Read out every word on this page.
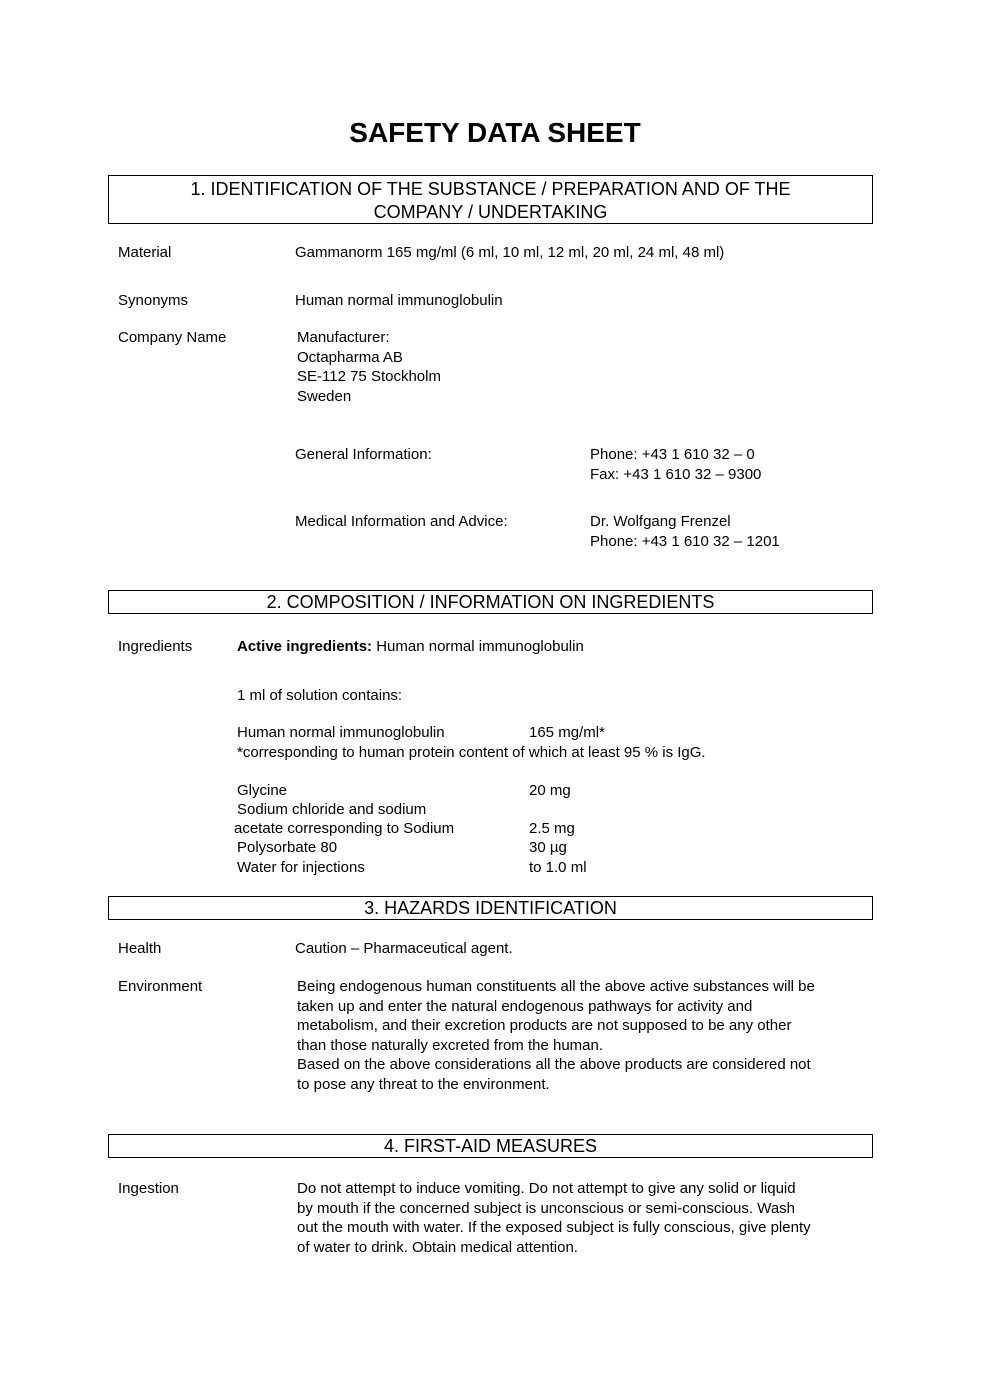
SAFETY DATA SHEET
1. IDENTIFICATION OF THE SUBSTANCE / PREPARATION AND OF THE
COMPANY / UNDERTAKING
Material	Gammanorm 165 mg/ml (6 ml, 10 ml, 12 ml, 20 ml, 24 ml, 48 ml)
Synonyms	Human normal immunoglobulin
Company Name	Manufacturer:
Octapharma AB
SE-112 75 Stockholm
Sweden
General Information:	Phone: +43 1 610 32 – 0
Fax: +43 1 610 32 – 9300
Medical Information and Advice:	Dr. Wolfgang Frenzel
Phone: +43 1 610 32 – 1201
2. COMPOSITION / INFORMATION ON INGREDIENTS
Ingredients	Active ingredients: Human normal immunoglobulin
1 ml of solution contains:
Human normal immunoglobulin	165 mg/ml*
*corresponding to human protein content of which at least 95 % is IgG.
Glycine	20 mg
Sodium chloride and sodium
acetate corresponding to Sodium	2.5 mg
Polysorbate 80	30 µg
Water for injections	to 1.0 ml
3. HAZARDS IDENTIFICATION
Health	Caution – Pharmaceutical agent.
Environment	Being endogenous human constituents all the above active substances will be
taken up and enter the natural endogenous pathways for activity and
metabolism, and their excretion products are not supposed to be any other
than those naturally excreted from the human.
Based on the above considerations all the above products are considered not
to pose any threat to the environment.
4. FIRST-AID MEASURES
Ingestion	Do not attempt to induce vomiting. Do not attempt to give any solid or liquid
by mouth if the concerned subject is unconscious or semi-conscious. Wash
out the mouth with water. If the exposed subject is fully conscious, give plenty
of water to drink. Obtain medical attention.
